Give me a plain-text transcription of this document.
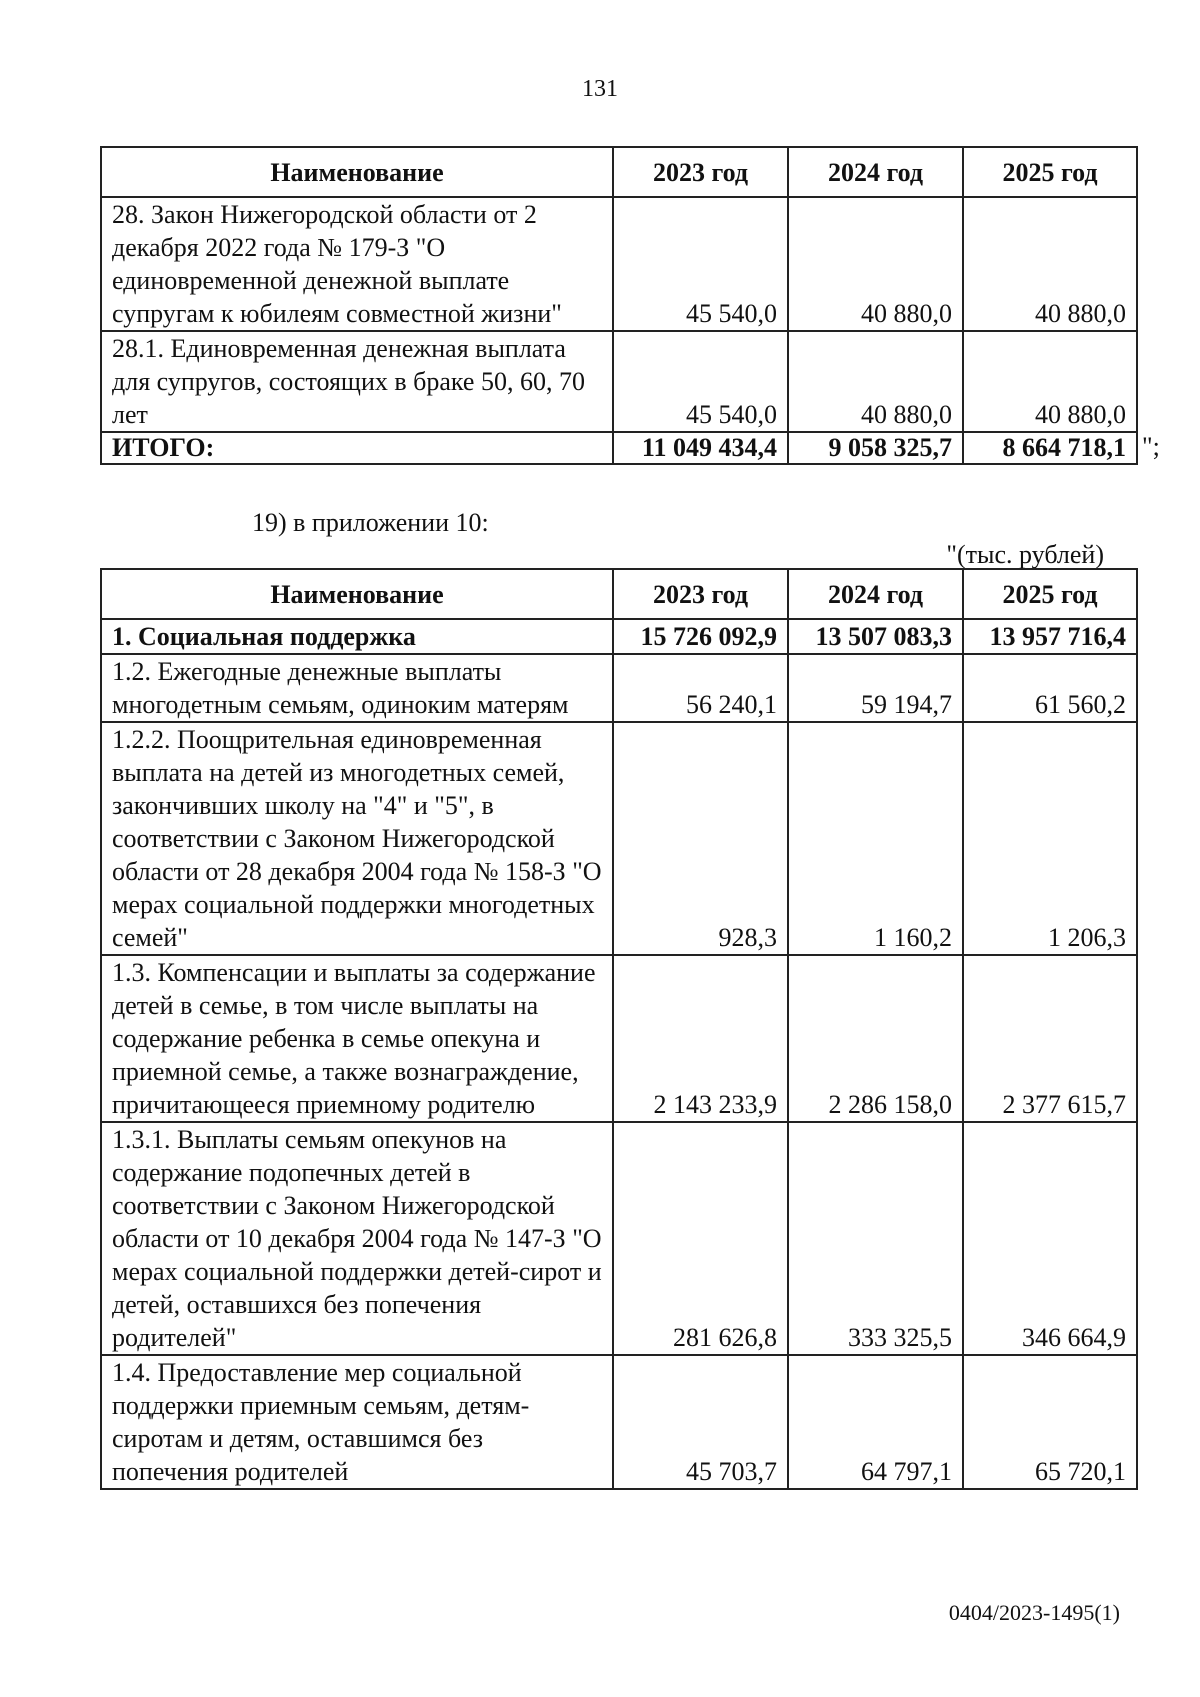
131
Наименование	2023 год	2024 год	2025 год
28. Закон Нижегородской области от 2 декабря 2022 года № 179-З "О единовременной денежной выплате супругам к юбилеям совместной жизни"	45 540,0	40 880,0	40 880,0
28.1. Единовременная денежная выплата для супругов, состоящих в браке 50, 60, 70 лет	45 540,0	40 880,0	40 880,0
ИТОГО:	11 049 434,4	9 058 325,7	8 664 718,1 ";
19) в приложении 10:
"(тыс. рублей)
Наименование	2023 год	2024 год	2025 год
1. Социальная поддержка	15 726 092,9	13 507 083,3	13 957 716,4
1.2. Ежегодные денежные выплаты многодетным семьям, одиноким матерям	56 240,1	59 194,7	61 560,2
1.2.2. Поощрительная единовременная выплата на детей из многодетных семей, закончивших школу на "4" и "5", в соответствии с Законом Нижегородской области от 28 декабря 2004 года № 158-З "О мерах социальной поддержки многодетных семей"	928,3	1 160,2	1 206,3
1.3. Компенсации и выплаты за содержание детей в семье, в том числе выплаты на содержание ребенка в семье опекуна и приемной семье, а также вознаграждение, причитающееся приемному родителю	2 143 233,9	2 286 158,0	2 377 615,7
1.3.1. Выплаты семьям опекунов на содержание подопечных детей в соответствии с Законом Нижегородской области от 10 декабря 2004 года № 147-З "О мерах социальной поддержки детей-сирот и детей, оставшихся без попечения родителей"	281 626,8	333 325,5	346 664,9
1.4. Предоставление мер социальной поддержки приемным семьям, детям-сиротам и детям, оставшимся без попечения родителей	45 703,7	64 797,1	65 720,1
0404/2023-1495(1)
